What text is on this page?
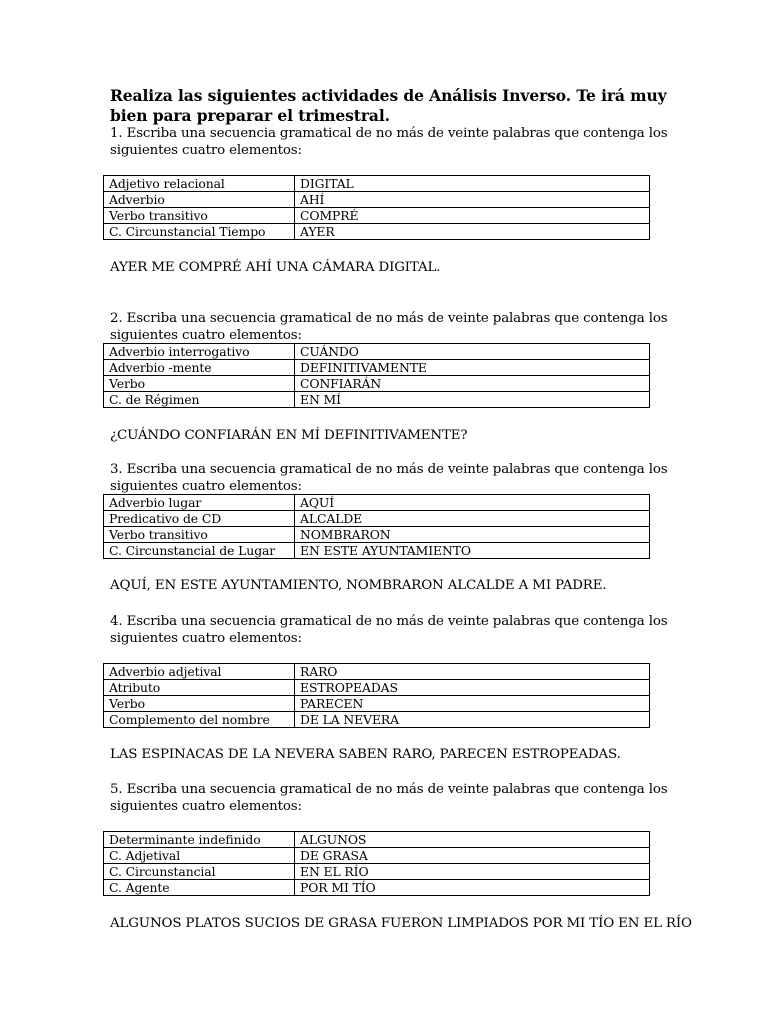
Realiza las siguientes actividades de Análisis Inverso. Te irá muy bien para preparar el trimestral.
1. Escriba una secuencia gramatical de no más de veinte palabras que contenga los siguientes cuatro elementos:
Adjetivo relacional	DIGITAL
Adverbio	AHÍ
Verbo transitivo	COMPRÉ
C. Circunstancial Tiempo	AYER
AYER ME COMPRÉ AHÍ UNA CÁMARA DIGITAL.
2. Escriba una secuencia gramatical de no más de veinte palabras que contenga los siguientes cuatro elementos:
Adverbio interrogativo	CUÁNDO
Adverbio -mente	DEFINITIVAMENTE
Verbo	CONFIARÁN
C. de Régimen	EN MÍ
¿CUÁNDO CONFIARÁN EN MÍ DEFINITIVAMENTE?
3. Escriba una secuencia gramatical de no más de veinte palabras que contenga los siguientes cuatro elementos:
Adverbio lugar	AQUÍ
Predicativo de CD	ALCALDE
Verbo transitivo	NOMBRARON
C. Circunstancial de Lugar	EN ESTE AYUNTAMIENTO
AQUÍ, EN ESTE AYUNTAMIENTO, NOMBRARON ALCALDE A MI PADRE.
4. Escriba una secuencia gramatical de no más de veinte palabras que contenga los siguientes cuatro elementos:
Adverbio adjetival	RARO
Atributo	ESTROPEADAS
Verbo	PARECEN
Complemento del nombre	DE LA NEVERA
LAS ESPINACAS DE LA NEVERA SABEN RARO, PARECEN ESTROPEADAS.
5. Escriba una secuencia gramatical de no más de veinte palabras que contenga los siguientes cuatro elementos:
Determinante indefinido	ALGUNOS
C. Adjetival	DE GRASA
C. Circunstancial	EN EL RÍO
C. Agente	POR MI TÍO
ALGUNOS PLATOS SUCIOS DE GRASA FUERON LIMPIADOS POR MI TÍO EN EL RÍO
